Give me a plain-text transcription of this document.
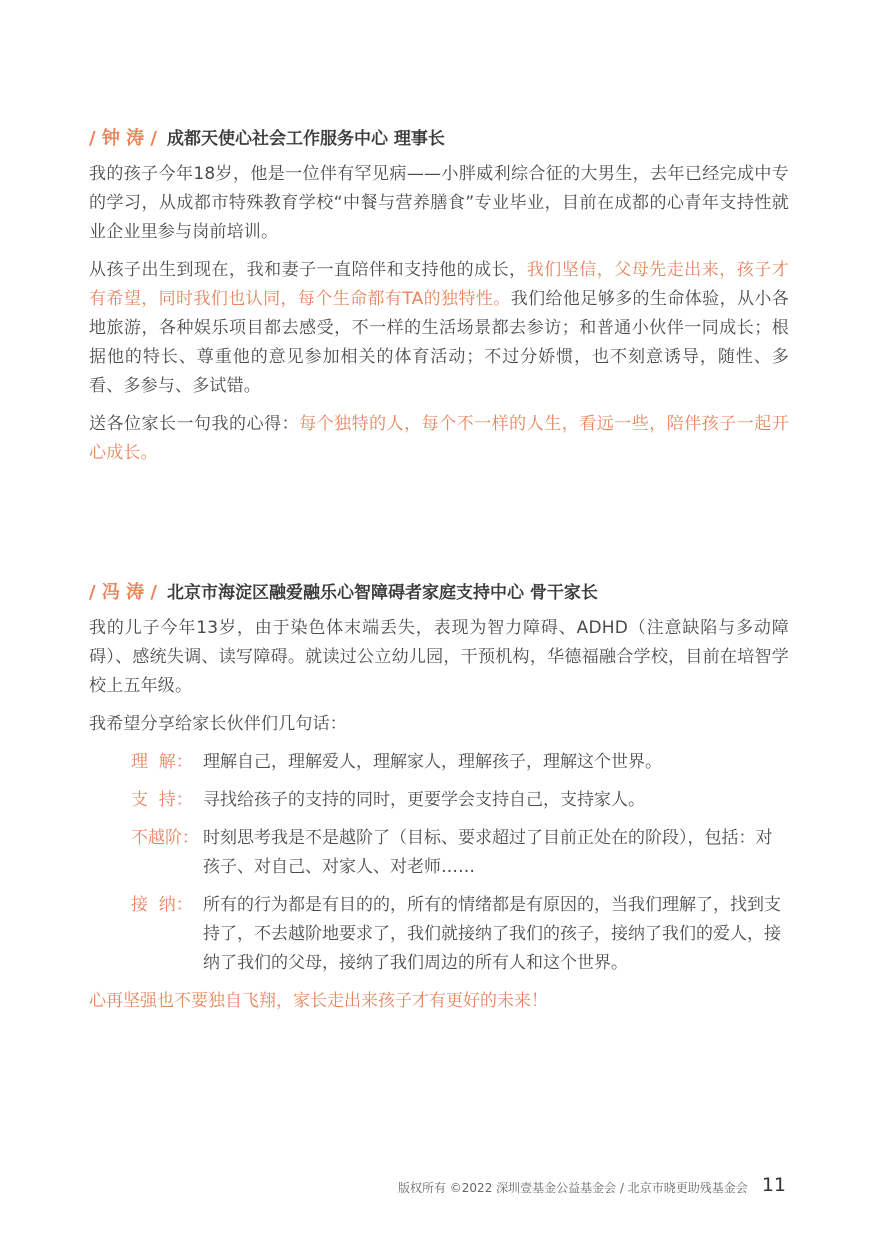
/ 钟 涛 / 成都天使心社会工作服务中心 理事长

我的孩子今年18岁，他是一位伴有罕见病——小胖威利综合征的大男生，去年已经完成中专的学习，从成都市特殊教育学校“中餐与营养膳食”专业毕业，目前在成都的心青年支持性就业企业里参与岗前培训。

从孩子出生到现在，我和妻子一直陪伴和支持他的成长，我们坚信，父母先走出来，孩子才有希望，同时我们也认同，每个生命都有TA的独特性。我们给他足够多的生命体验，从小各地旅游，各种娱乐项目都去感受，不一样的生活场景都去参访；和普通小伙伴一同成长；根据他的特长、尊重他的意见参加相关的体育活动；不过分娇惯，也不刻意诱导，随性、多看、多参与、多试错。

送各位家长一句我的心得：每个独特的人，每个不一样的人生，看远一些，陪伴孩子一起开心成长。

/ 冯 涛 / 北京市海淀区融爱融乐心智障碍者家庭支持中心 骨干家长

我的儿子今年13岁，由于染色体末端丢失，表现为智力障碍、ADHD（注意缺陷与多动障碍）、感统失调、读写障碍。就读过公立幼儿园，干预机构，华德福融合学校，目前在培智学校上五年级。

我希望分享给家长伙伴们几句话：

理  解： 理解自己，理解爱人，理解家人，理解孩子，理解这个世界。
支  持： 寻找给孩子的支持的同时，更要学会支持自己，支持家人。
不越阶： 时刻思考我是不是越阶了（目标、要求超过了目前正处在的阶段），包括：对孩子、对自己、对家人、对老师……
接  纳： 所有的行为都是有目的的，所有的情绪都是有原因的，当我们理解了，找到支持了，不去越阶地要求了，我们就接纳了我们的孩子，接纳了我们的爱人，接纳了我们的父母，接纳了我们周边的所有人和这个世界。
心再坚强也不要独自飞翔，家长走出来孩子才有更好的未来！
版权所有 ©2022 深圳壹基金公益基金会 / 北京市晓更助残基金会 11
